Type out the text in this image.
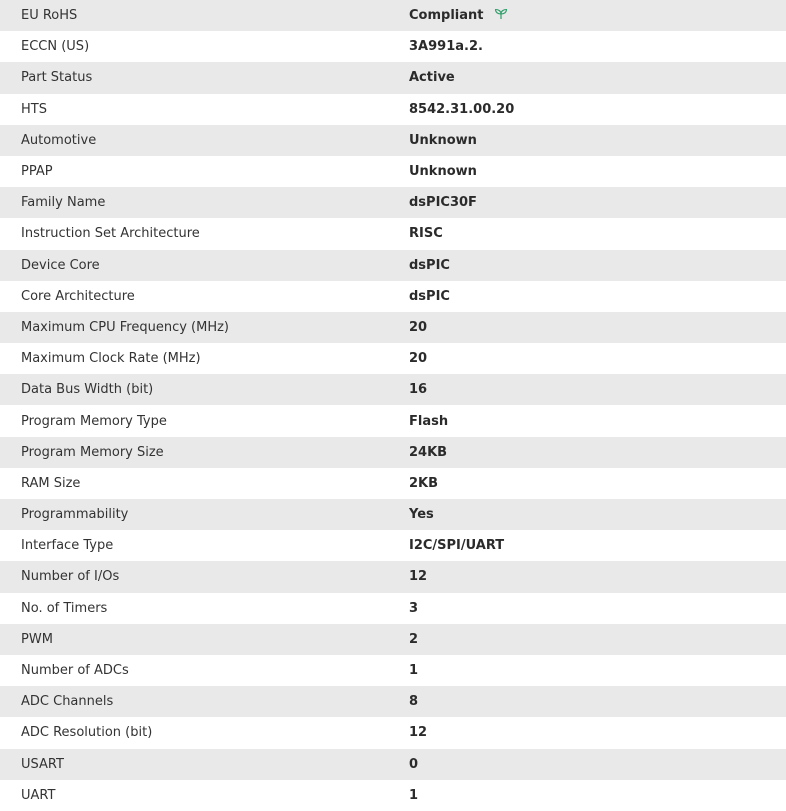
EU RoHS	Compliant
ECCN (US)	3A991a.2.
Part Status	Active
HTS	8542.31.00.20
Automotive	Unknown
PPAP	Unknown
Family Name	dsPIC30F
Instruction Set Architecture	RISC
Device Core	dsPIC
Core Architecture	dsPIC
Maximum CPU Frequency (MHz)	20
Maximum Clock Rate (MHz)	20
Data Bus Width (bit)	16
Program Memory Type	Flash
Program Memory Size	24KB
RAM Size	2KB
Programmability	Yes
Interface Type	I2C/SPI/UART
Number of I/Os	12
No. of Timers	3
PWM	2
Number of ADCs	1
ADC Channels	8
ADC Resolution (bit)	12
USART	0
UART	1
